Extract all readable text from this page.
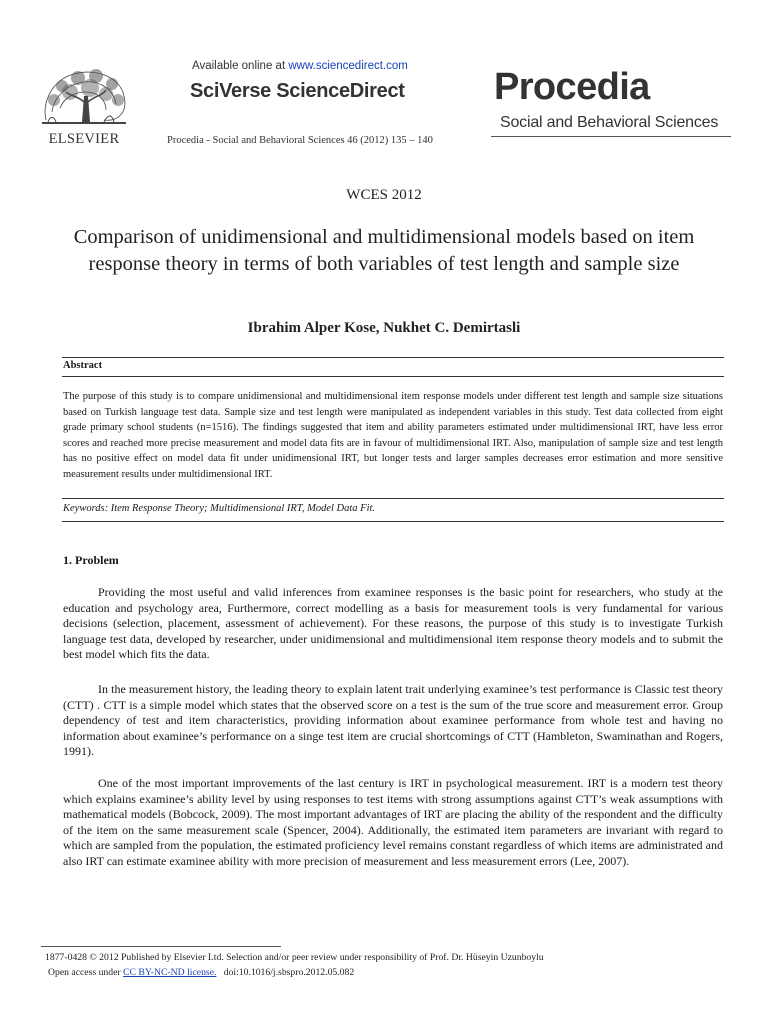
ELSEVIER
Available online at www.sciencedirect.com
SciVerse ScienceDirect
Procedia - Social and Behavioral Sciences 46 (2012) 135 – 140
Procedia
Social and Behavioral Sciences
WCES 2012
Comparison of unidimensional and multidimensional models based on item response theory in terms of both variables of test length and sample size
Ibrahim Alper Kose, Nukhet C. Demirtasli
Abstract

The purpose of this study is to compare unidimensional and multidimensional item response models under different test length and sample size situations based on Turkish language test data. Sample size and test length were manipulated as independent variables in this study. Test data collected from eight grade primary school students (n=1516). The findings suggested that item and ability parameters estimated under multidimensional IRT, have less error scores and reached more precise measurement and model data fits are in favour of multidimensional IRT. Also, manipulation of sample size and test length has no positive effect on model data fit under unidimensional IRT, but longer tests and larger samples decreases error estimation and more sensitive measurement results under multidimensional IRT.

Keywords: Item Response Theory; Multidimensional IRT, Model Data Fit.
1. Problem

Providing the most useful and valid inferences from examinee responses is the basic point for researchers, who study at the education and psychology area, Furthermore, correct modelling as a basis for measurement tools is very fundamental for various decisions (selection, placement, assessment of achievement). For these reasons, the purpose of this study is to investigate Turkish language test data, developed by researcher, under unidimensional and multidimensional item response theory models and to submit the best model which fits the data.

In the measurement history, the leading theory to explain latent trait underlying examinee’s test performance is Classic test theory (CTT) . CTT is a simple model which states that the observed score on a test is the sum of the true score and measurement error. Group dependency of test and item characteristics, providing information about examinee performance from whole test and having no information about examinee’s performance on a singe test item are crucial shortcomings of CTT (Hambleton, Swaminathan and Rogers, 1991).

One of the most important improvements of the last century is IRT in psychological measurement. IRT is a modern test theory which explains examinee’s ability level by using responses to test items with strong assumptions against CTT’s weak assumptions with mathematical models (Bobcock, 2009). The most important advantages of IRT are placing the ability of the respondent and the difficulty of the item on the same measurement scale (Spencer, 2004). Additionally, the estimated item parameters are invariant with regard to which are sampled from the population, the estimated proficiency level remains constant regardless of which items are administrated and also IRT can estimate examinee ability with more precision of measurement and less measurement errors (Lee, 2007).

1877-0428 © 2012 Published by Elsevier Ltd. Selection and/or peer review under responsibility of Prof. Dr. Hüseyin Uzunboylu
Open access under CC BY-NC-ND license. doi:10.1016/j.sbspro.2012.05.082
